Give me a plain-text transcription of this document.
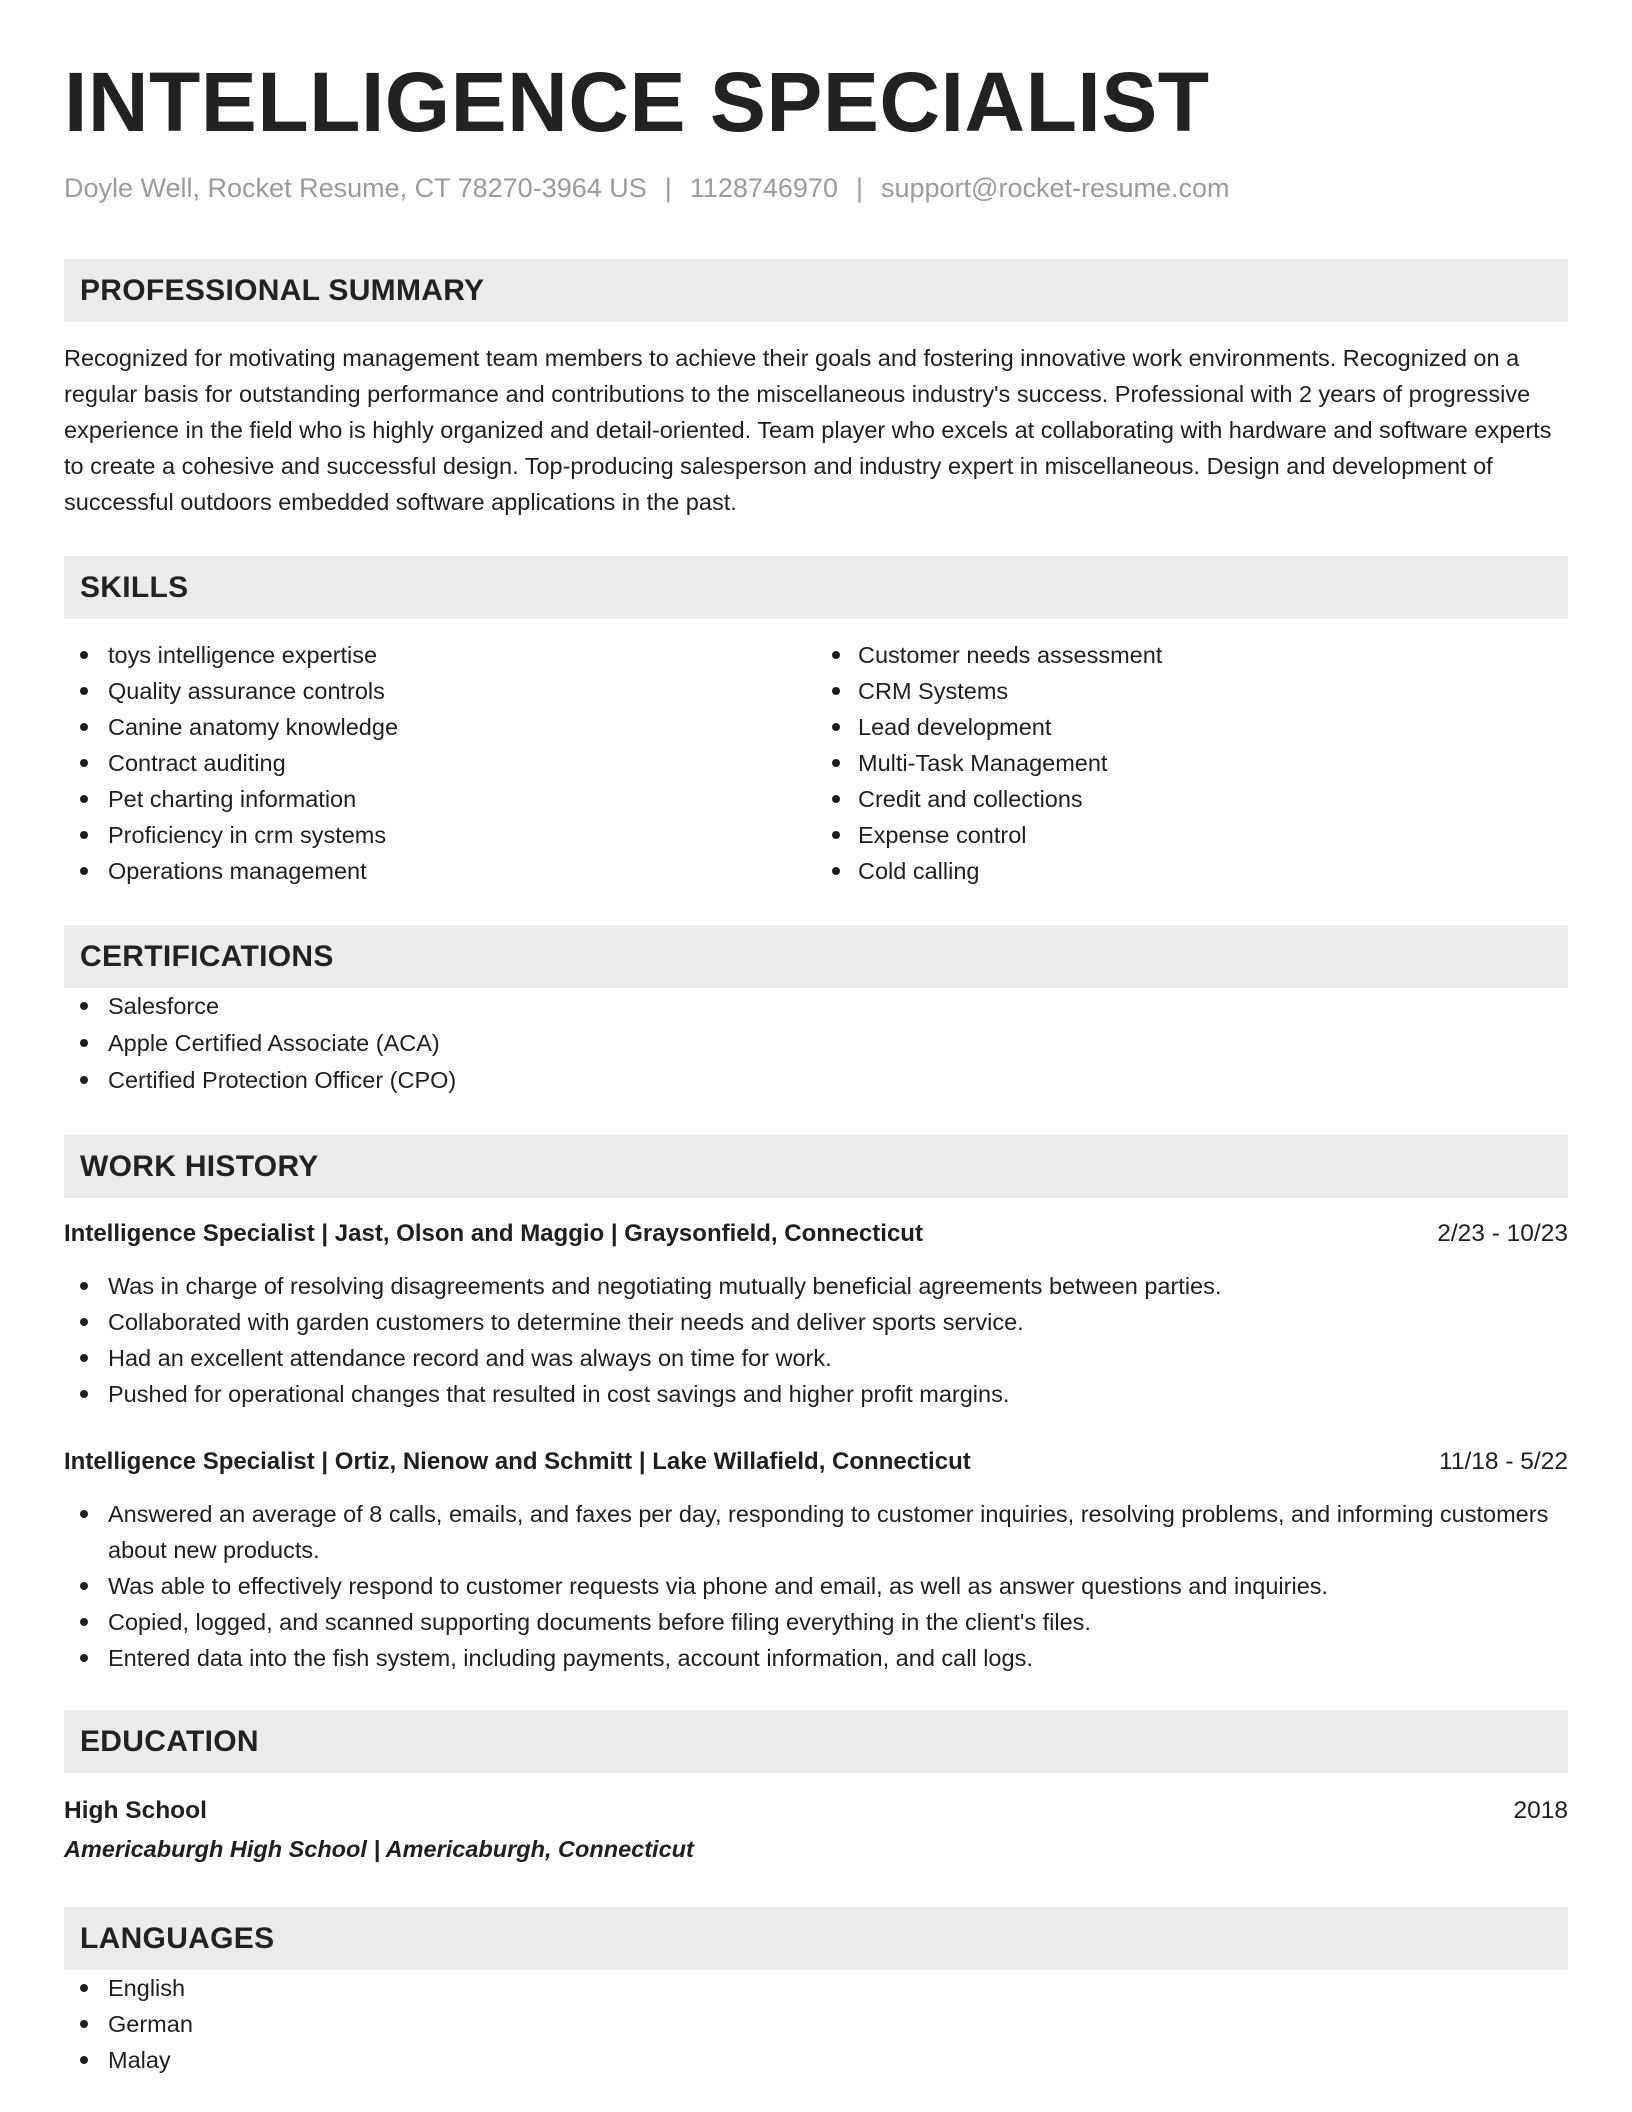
INTELLIGENCE SPECIALIST
Doyle Well, Rocket Resume, CT 78270-3964 US | 1128746970 | support@rocket-resume.com
PROFESSIONAL SUMMARY

Recognized for motivating management team members to achieve their goals and fostering innovative work environments. Recognized on a regular basis for outstanding performance and contributions to the miscellaneous industry's success. Professional with 2 years of progressive experience in the field who is highly organized and detail-oriented. Team player who excels at collaborating with hardware and software experts to create a cohesive and successful design. Top-producing salesperson and industry expert in miscellaneous. Design and development of successful outdoors embedded software applications in the past.

SKILLS
toys intelligence expertise
Quality assurance controls
Canine anatomy knowledge
Contract auditing
Pet charting information
Proficiency in crm systems
Operations management
Customer needs assessment
CRM Systems
Lead development
Multi-Task Management
Credit and collections
Expense control
Cold calling
CERTIFICATIONS
Salesforce
Apple Certified Associate (ACA)
Certified Protection Officer (CPO)
WORK HISTORY
Intelligence Specialist | Jast, Olson and Maggio | Graysonfield, Connecticut	2/23 - 10/23
Was in charge of resolving disagreements and negotiating mutually beneficial agreements between parties.
Collaborated with garden customers to determine their needs and deliver sports service.
Had an excellent attendance record and was always on time for work.
Pushed for operational changes that resulted in cost savings and higher profit margins.
Intelligence Specialist | Ortiz, Nienow and Schmitt | Lake Willafield, Connecticut	11/18 - 5/22
Answered an average of 8 calls, emails, and faxes per day, responding to customer inquiries, resolving problems, and informing customers about new products.
Was able to effectively respond to customer requests via phone and email, as well as answer questions and inquiries.
Copied, logged, and scanned supporting documents before filing everything in the client's files.
Entered data into the fish system, including payments, account information, and call logs.
EDUCATION
High School	2018
Americaburgh High School | Americaburgh, Connecticut
LANGUAGES
English
German
Malay
